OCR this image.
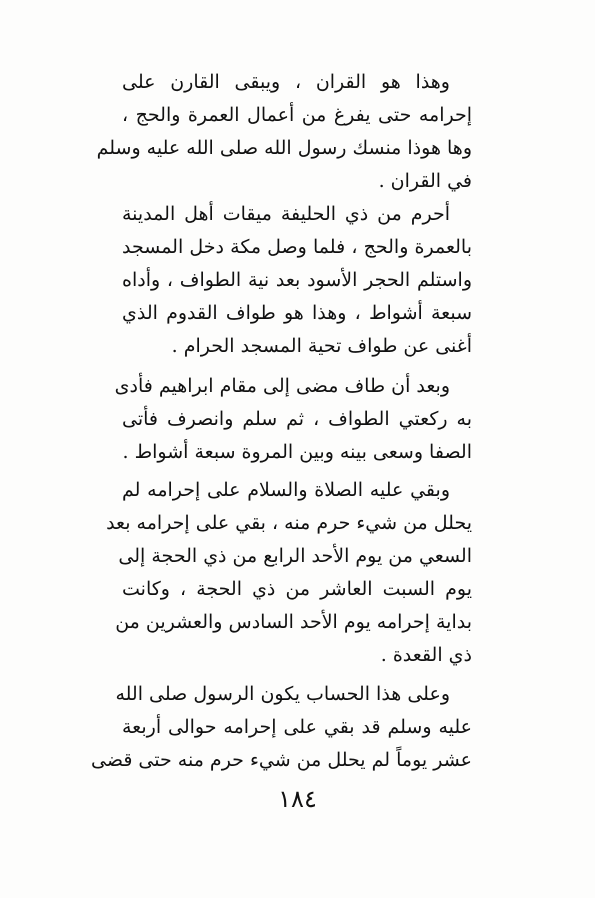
وهذا هو القران ، ويبقى القارن على
إحرامه حتى يفرغ من أعمال العمرة والحج ،
وها هوذا منسك رسول الله صلى الله عليه وسلم
في القران .
أحرم من ذي الحليفة ميقات أهل المدينة
بالعمرة والحج ، فلما وصل مكة دخل المسجد
واستلم الحجر الأسود بعد نية الطواف ، وأداه
سبعة أشواط ، وهذا هو طواف القدوم الذي
أغنى عن طواف تحية المسجد الحرام .
وبعد أن طاف مضى إلى مقام ابراهيم فأدى
به ركعتي الطواف ، ثم سلم وانصرف فأتى
الصفا وسعى بينه وبين المروة سبعة أشواط .
وبقي عليه الصلاة والسلام على إحرامه لم
يحلل من شيء حرم منه ، بقي على إحرامه بعد
السعي من يوم الأحد الرابع من ذي الحجة إلى
يوم السبت العاشر من ذي الحجة ، وكانت
بداية إحرامه يوم الأحد السادس والعشرين من
ذي القعدة .
وعلى هذا الحساب يكون الرسول صلى الله
عليه وسلم قد بقي على إحرامه حوالى أربعة
عشر يوماً لم يحلل من شيء حرم منه حتى قضى
١٨٤
